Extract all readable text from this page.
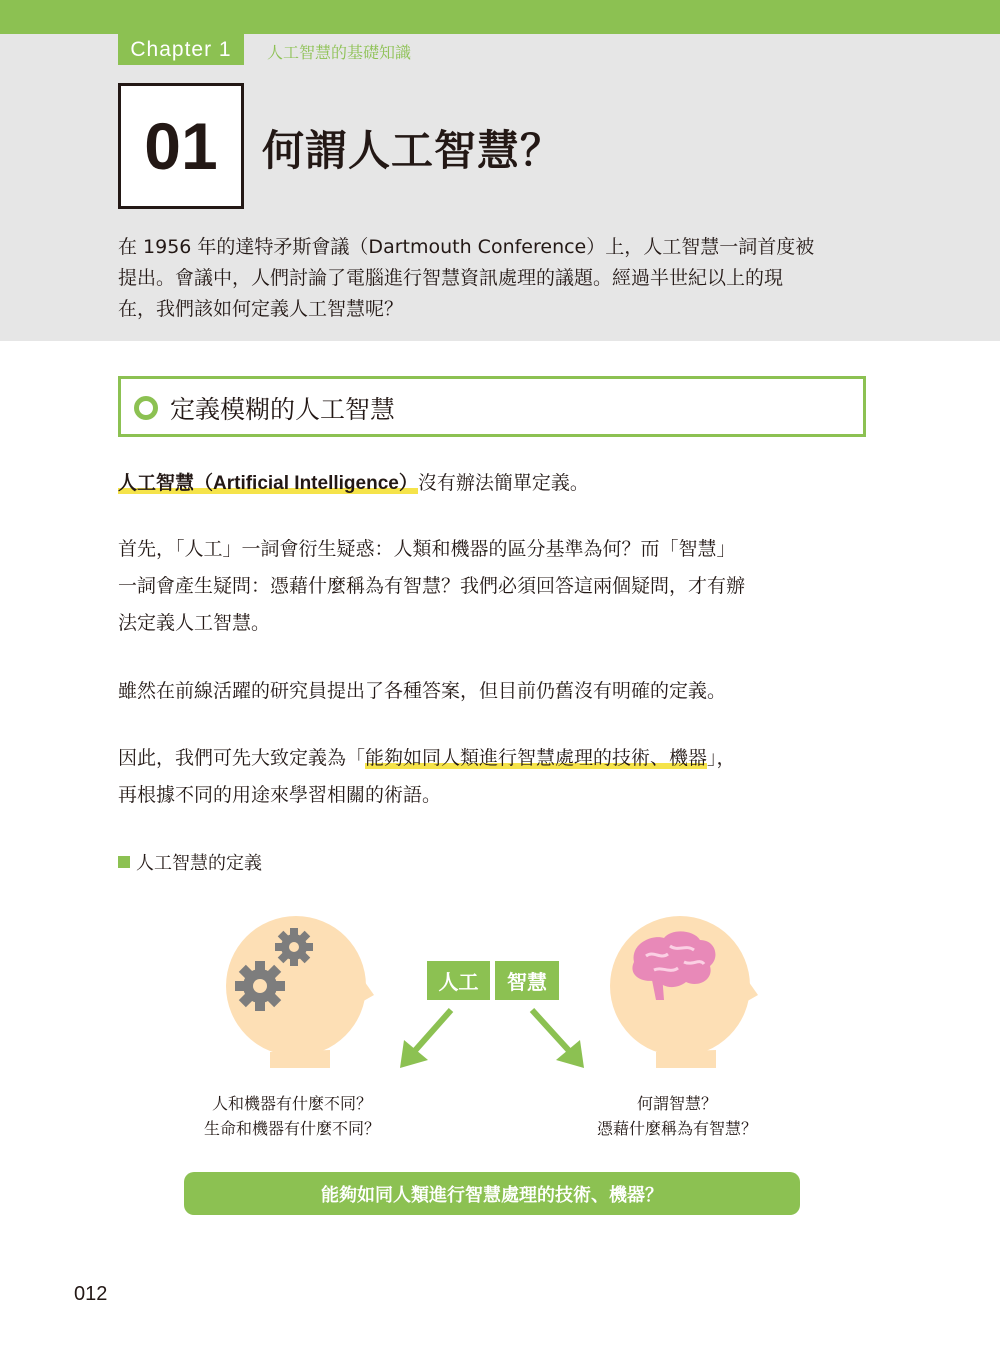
Chapter 1	人工智慧的基礎知識
01 何謂人工智慧？
在 1956 年的達特矛斯會議（Dartmouth Conference）上，人工智慧一詞首度被
提出。會議中，人們討論了電腦進行智慧資訊處理的議題。經過半世紀以上的現
在，我們該如何定義人工智慧呢？
定義模糊的人工智慧
人工智慧（Artificial Intelligence）沒有辦法簡單定義。
首先，「人工」一詞會衍生疑惑：人類和機器的區分基準為何？而「智慧」
一詞會產生疑問：憑藉什麼稱為有智慧？我們必須回答這兩個疑問，才有辦
法定義人工智慧。
雖然在前線活躍的研究員提出了各種答案，但目前仍舊沒有明確的定義。
因此，我們可先大致定義為「能夠如同人類進行智慧處理的技術、機器」，
再根據不同的用途來學習相關的術語。
人工智慧的定義
人工	智慧
人和機器有什麼不同？
生命和機器有什麼不同？
何謂智慧？
憑藉什麼稱為有智慧？
能夠如同人類進行智慧處理的技術、機器？
012
